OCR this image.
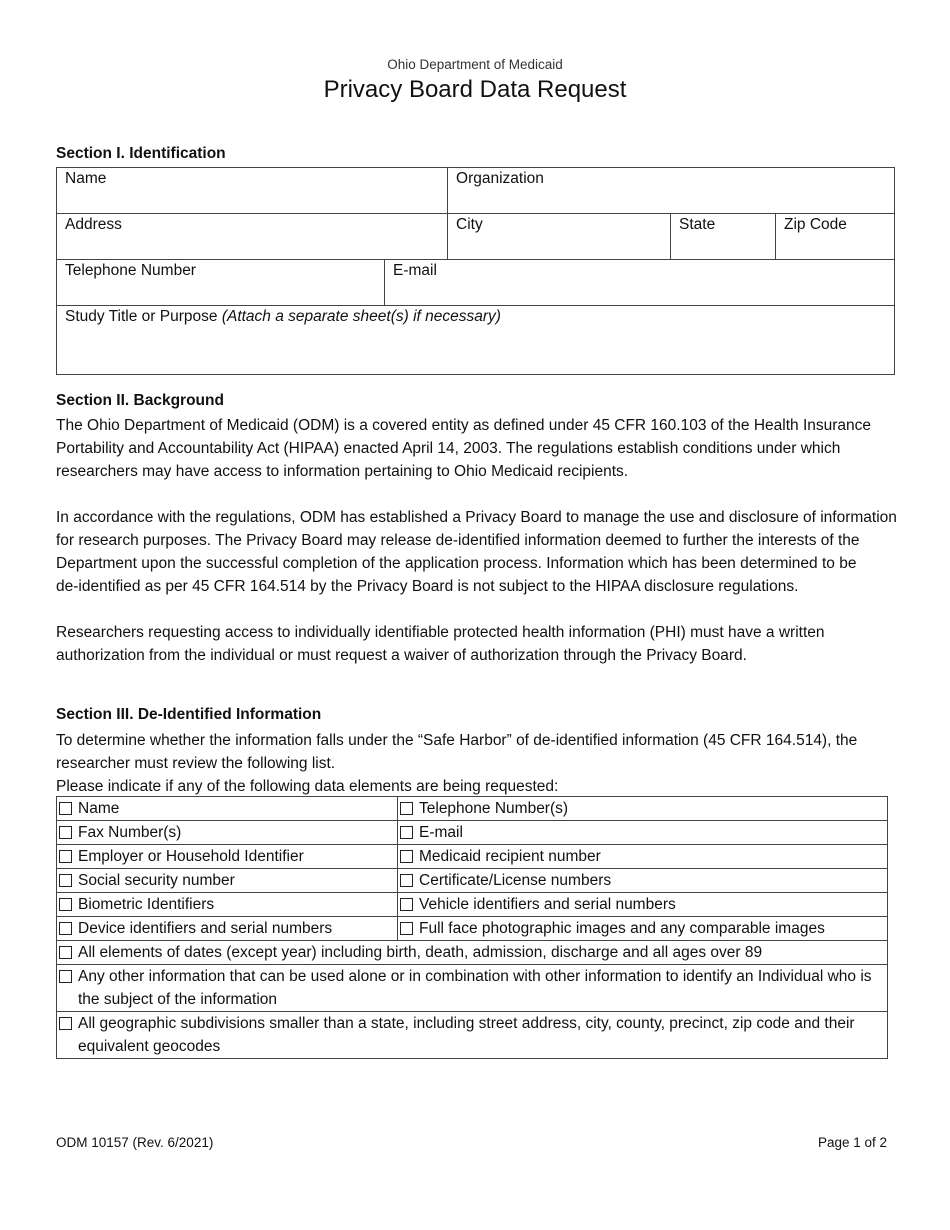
Ohio Department of Medicaid
Privacy Board Data Request
Section I. Identification
Name		Organization		
Address		City	State	Zip Code
Telephone Number	E-mail			
Study Title or Purpose (Attach a separate sheet(s) if necessary)				
Section II. Background

The Ohio Department of Medicaid (ODM) is a covered entity as defined under 45 CFR 160.103 of the Health Insurance Portability and Accountability Act (HIPAA) enacted April 14, 2003. The regulations establish conditions under which researchers may have access to information pertaining to Ohio Medicaid recipients.

In accordance with the regulations, ODM has established a Privacy Board to manage the use and disclosure of information for research purposes. The Privacy Board may release de-identified information deemed to further the interests of the Department upon the successful completion of the application process. Information which has been determined to be

de-identified as per 45 CFR 164.514 by the Privacy Board is not subject to the HIPAA disclosure regulations.

Researchers requesting access to individually identifiable protected health information (PHI) must have a written authorization from the individual or must request a waiver of authorization through the Privacy Board.

Section III. De-Identified Information

To determine whether the information falls under the “Safe Harbor” of de-identified information (45 CFR 164.514), the researcher must review the following list.

Please indicate if any of the following data elements are being requested:

Name	Telephone Number(s)
Fax Number(s)	E-mail
Employer or Household Identifier	Medicaid recipient number
Social security number	Certificate/License numbers
Biometric Identifiers	Vehicle identifiers and serial numbers
Device identifiers and serial numbers	Full face photographic images and any comparable images
All elements of dates (except year) including birth, death, admission, discharge and all ages over 89	

Any other information that can be used alone or in combination with other information to identify an Individual who is the subject of the information	

All geographic subdivisions smaller than a state, including street address, city, county, precinct, zip code and their equivalent geocodes	
ODM 10157 (Rev. 6/2021)	Page 1 of 2
